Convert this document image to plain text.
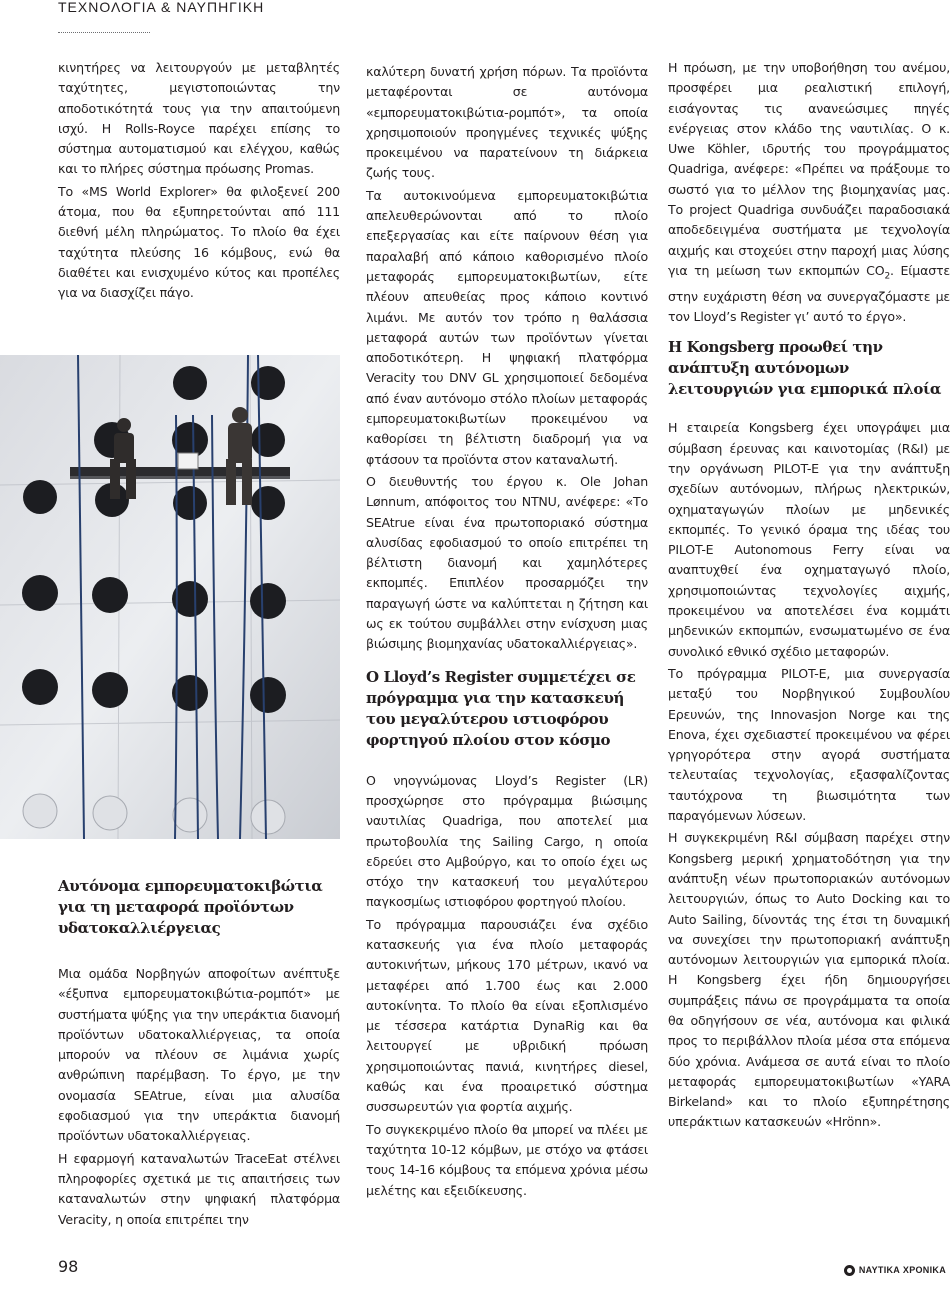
ΤΕΧΝΟΛΟΓΙΑ & ΝΑΥΠΗΓΙΚΗ

κινητήρες να λειτουργούν με μεταβλητές ταχύτητες, μεγιστοποιώντας την αποδοτικότητά τους για την απαιτούμενη ισχύ. Η Rolls-Royce παρέχει επίσης το σύστημα αυτοματισμού και ελέγχου, καθώς και το πλήρες σύστημα πρόωσης Promas.

Το «MS World Explorer» θα φιλοξενεί 200 άτομα, που θα εξυπηρετούνται από 111 διεθνή μέλη πληρώματος. Το πλοίο θα έχει ταχύτητα πλεύσης 16 κόμβους, ενώ θα διαθέτει και ενισχυμένο κύτος και προπέλες για να διασχίζει πάγο.

Αυτόνομα εμπορευματοκιβώτια για τη μεταφορά προϊόντων υδατοκαλλιέργειας

Μια ομάδα Νορβηγών αποφοίτων ανέπτυξε «έξυπνα εμπορευματοκιβώτια-ρομπότ» με συστήματα ψύξης για την υπεράκτια διανομή προϊόντων υδατοκαλλιέργειας, τα οποία μπορούν να πλέουν σε λιμάνια χωρίς ανθρώπινη παρέμβαση. Το έργο, με την ονομασία SEAtrue, είναι μια αλυσίδα εφοδιασμού για την υπεράκτια διανομή προϊόντων υδατοκαλλιέργειας.

Η εφαρμογή καταναλωτών TraceEat στέλνει πληροφορίες σχετικά με τις απαιτήσεις των καταναλωτών στην ψηφιακή πλατφόρμα Veracity, η οποία επιτρέπει την

καλύτερη δυνατή χρήση πόρων. Τα προϊόντα μεταφέρονται σε αυτόνομα «εμπορευματοκιβώτια-ρομπότ», τα οποία χρησιμοποιούν προηγμένες τεχνικές ψύξης προκειμένου να παρατείνουν τη διάρκεια ζωής τους.

Τα αυτοκινούμενα εμπορευματοκιβώτια απελευθερώνονται από το πλοίο επεξεργασίας και είτε παίρνουν θέση για παραλαβή από κάποιο καθορισμένο πλοίο μεταφοράς εμπορευματοκιβωτίων, είτε πλέουν απευθείας προς κάποιο κοντινό λιμάνι. Με αυτόν τον τρόπο η θαλάσσια μεταφορά αυτών των προϊόντων γίνεται αποδοτικότερη. Η ψηφιακή πλατφόρμα Veracity του DNV GL χρησιμοποιεί δεδομένα από έναν αυτόνομο στόλο πλοίων μεταφοράς εμπορευματοκιβωτίων προκειμένου να καθορίσει τη βέλτιστη διαδρομή για να φτάσουν τα προϊόντα στον καταναλωτή.

Ο διευθυντής του έργου κ. Ole Johan Lønnum, απόφοιτος του NTNU, ανέφερε: «Το SEAtrue είναι ένα πρωτοποριακό σύστημα αλυσίδας εφοδιασμού το οποίο επιτρέπει τη βέλτιστη διανομή και χαμηλότερες εκπομπές. Επιπλέον προσαρμόζει την παραγωγή ώστε να καλύπτεται η ζήτηση και ως εκ τούτου συμβάλλει στην ενίσχυση μιας βιώσιμης βιομηχανίας υδατοκαλλιέργειας».

Ο Lloyd’s Register συμμετέχει σε πρόγραμμα για την κατασκευή του μεγαλύτερου ιστιοφόρου φορτηγού πλοίου στον κόσμο

Ο νηογνώμονας Lloyd’s Register (LR) προσχώρησε στο πρόγραμμα βιώσιμης ναυτιλίας Quadriga, που αποτελεί μια πρωτοβουλία της Sailing Cargo, η οποία εδρεύει στο Αμβούργο, και το οποίο έχει ως στόχο την κατασκευή του μεγαλύτερου παγκοσμίως ιστιοφόρου φορτηγού πλοίου.

Το πρόγραμμα παρουσιάζει ένα σχέδιο κατασκευής για ένα πλοίο μεταφοράς αυτοκινήτων, μήκους 170 μέτρων, ικανό να μεταφέρει από 1.700 έως και 2.000 αυτοκίνητα. Το πλοίο θα είναι εξοπλισμένο με τέσσερα κατάρτια DynaRig και θα λειτουργεί με υβριδική πρόωση χρησιμοποιώντας πανιά, κινητήρες diesel, καθώς και ένα προαιρετικό σύστημα συσσωρευτών για φορτία αιχμής.

Το συγκεκριμένο πλοίο θα μπορεί να πλέει με ταχύτητα 10-12 κόμβων, με στόχο να φτάσει τους 14-16 κόμβους τα επόμενα χρόνια μέσω μελέτης και εξειδίκευσης.

Η πρόωση, με την υποβοήθηση του ανέμου, προσφέρει μια ρεαλιστική επιλογή, εισάγοντας τις ανανεώσιμες πηγές ενέργειας στον κλάδο της ναυτιλίας. Ο κ. Uwe Köhler, ιδρυτής του προγράμματος Quadriga, ανέφερε: «Πρέπει να πράξουμε το σωστό για το μέλλον της βιομηχανίας μας. Το project Quadriga συνδυάζει παραδοσιακά αποδεδειγμένα συστήματα με τεχνολογία αιχμής και στοχεύει στην παροχή μιας λύσης για τη μείωση των εκπομπών $CO_2$. Είμαστε στην ευχάριστη θέση να συνεργαζόμαστε με τον Lloyd’s Register γι’ αυτό το έργο».

Η Kongsberg προωθεί την ανάπτυξη αυτόνομων λειτουργιών για εμπορικά πλοία

Η εταιρεία Kongsberg έχει υπογράψει μια σύμβαση έρευνας και καινοτομίας (R&I) με την οργάνωση PILOT-E για την ανάπτυξη σχεδίων αυτόνομων, πλήρως ηλεκτρικών, οχηματαγωγών πλοίων με μηδενικές εκπομπές. Το γενικό όραμα της ιδέας του PILOT-E Autonomous Ferry είναι να αναπτυχθεί ένα οχηματαγωγό πλοίο, χρησιμοποιώντας τεχνολογίες αιχμής, προκειμένου να αποτελέσει ένα κομμάτι μηδενικών εκπομπών, ενσωματωμένο σε ένα συνολικό εθνικό σχέδιο μεταφορών.

Το πρόγραμμα PILOT-E, μια συνεργασία μεταξύ του Νορβηγικού Συμβουλίου Ερευνών, της Innovasjon Norge και της Enova, έχει σχεδιαστεί προκειμένου να φέρει γρηγορότερα στην αγορά συστήματα τελευταίας τεχνολογίας, εξασφαλίζοντας ταυτόχρονα τη βιωσιμότητα των παραγόμενων λύσεων.

Η συγκεκριμένη R&I σύμβαση παρέχει στην Kongsberg μερική χρηματοδότηση για την ανάπτυξη νέων πρωτοποριακών αυτόνομων λειτουργιών, όπως το Auto Docking και το Auto Sailing, δίνοντάς της έτσι τη δυναμική να συνεχίσει την πρωτοποριακή ανάπτυξη αυτόνομων λειτουργιών για εμπορικά πλοία. Η Kongsberg έχει ήδη δημιουργήσει συμπράξεις πάνω σε προγράμματα τα οποία θα οδηγήσουν σε νέα, αυτόνομα και φιλικά προς το περιβάλλον πλοία μέσα στα επόμενα δύο χρόνια. Ανάμεσα σε αυτά είναι το πλοίο μεταφοράς εμπορευματοκιβωτίων «YARA Birkeland» και το πλοίο εξυπηρέτησης υπεράκτιων κατασκευών «Hrönn».

98	ΝΑΥΤΙΚΑ ΧΡΟΝΙΚΑ
